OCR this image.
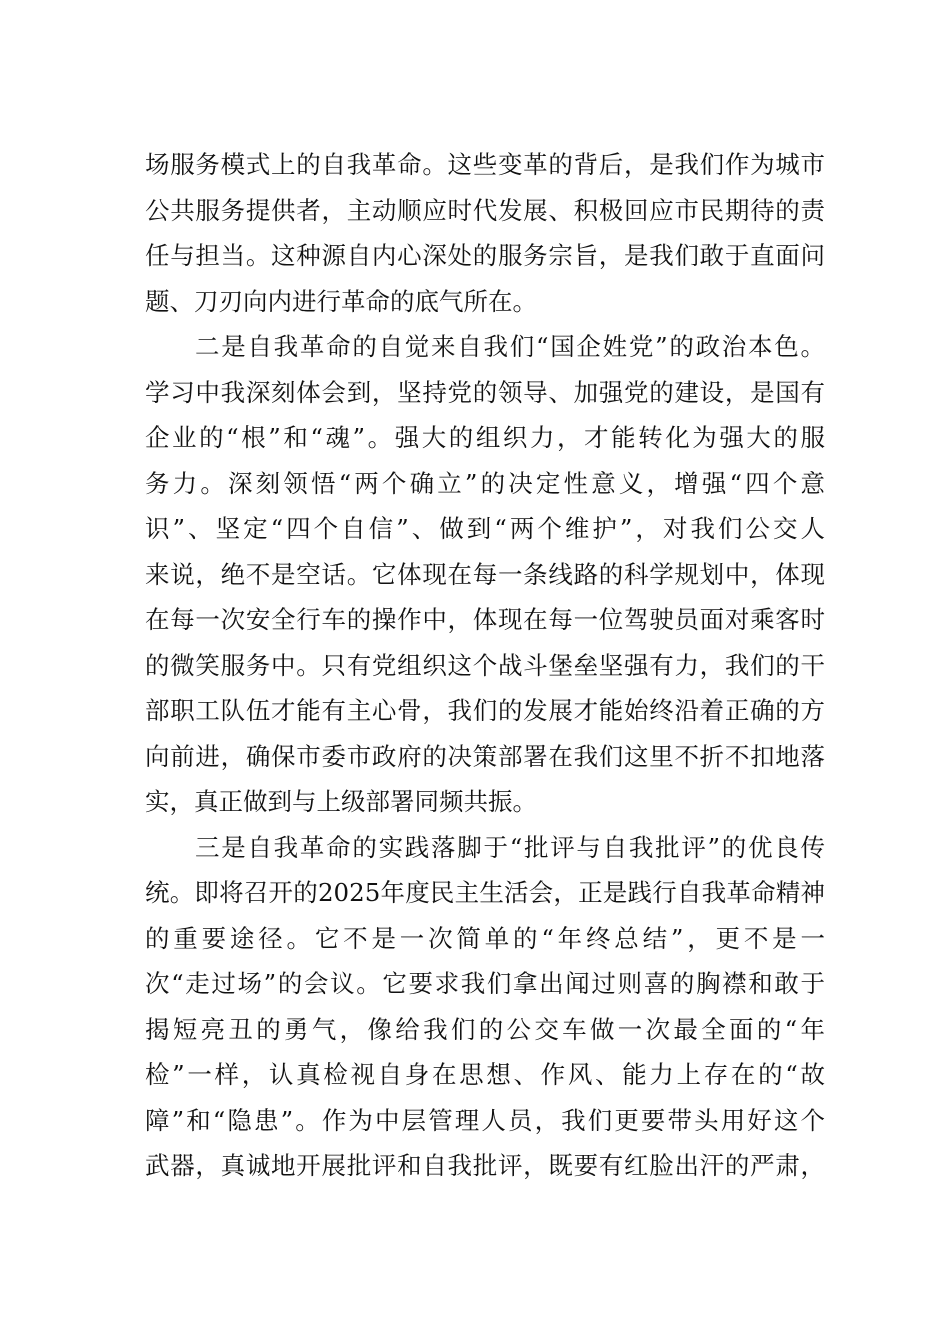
场服务模式上的自我革命。这些变革的背后，是我们作为城市
公共服务提供者，主动顺应时代发展、积极回应市民期待的责
任与担当。这种源自内心深处的服务宗旨，是我们敢于直面问
题、刀刃向内进行革命的底气所在。
二是自我革命的自觉来自我们“国企姓党”的政治本色。
学习中我深刻体会到，坚持党的领导、加强党的建设，是国有
企业的“根”和“魂”。强大的组织力，才能转化为强大的服
务力。深刻领悟“两个确立”的决定性意义，增强“四个意
识”、坚定“四个自信”、做到“两个维护”，对我们公交人
来说，绝不是空话。它体现在每一条线路的科学规划中，体现
在每一次安全行车的操作中，体现在每一位驾驶员面对乘客时
的微笑服务中。只有党组织这个战斗堡垒坚强有力，我们的干
部职工队伍才能有主心骨，我们的发展才能始终沿着正确的方
向前进，确保市委市政府的决策部署在我们这里不折不扣地落
实，真正做到与上级部署同频共振。
三是自我革命的实践落脚于“批评与自我批评”的优良传
统。即将召开的2025年度民主生活会，正是践行自我革命精神
的重要途径。它不是一次简单的“年终总结”，更不是一
次“走过场”的会议。它要求我们拿出闻过则喜的胸襟和敢于
揭短亮丑的勇气，像给我们的公交车做一次最全面的“年
检”一样，认真检视自身在思想、作风、能力上存在的“故
障”和“隐患”。作为中层管理人员，我们更要带头用好这个
武器，真诚地开展批评和自我批评，既要有红脸出汗的严肃，
